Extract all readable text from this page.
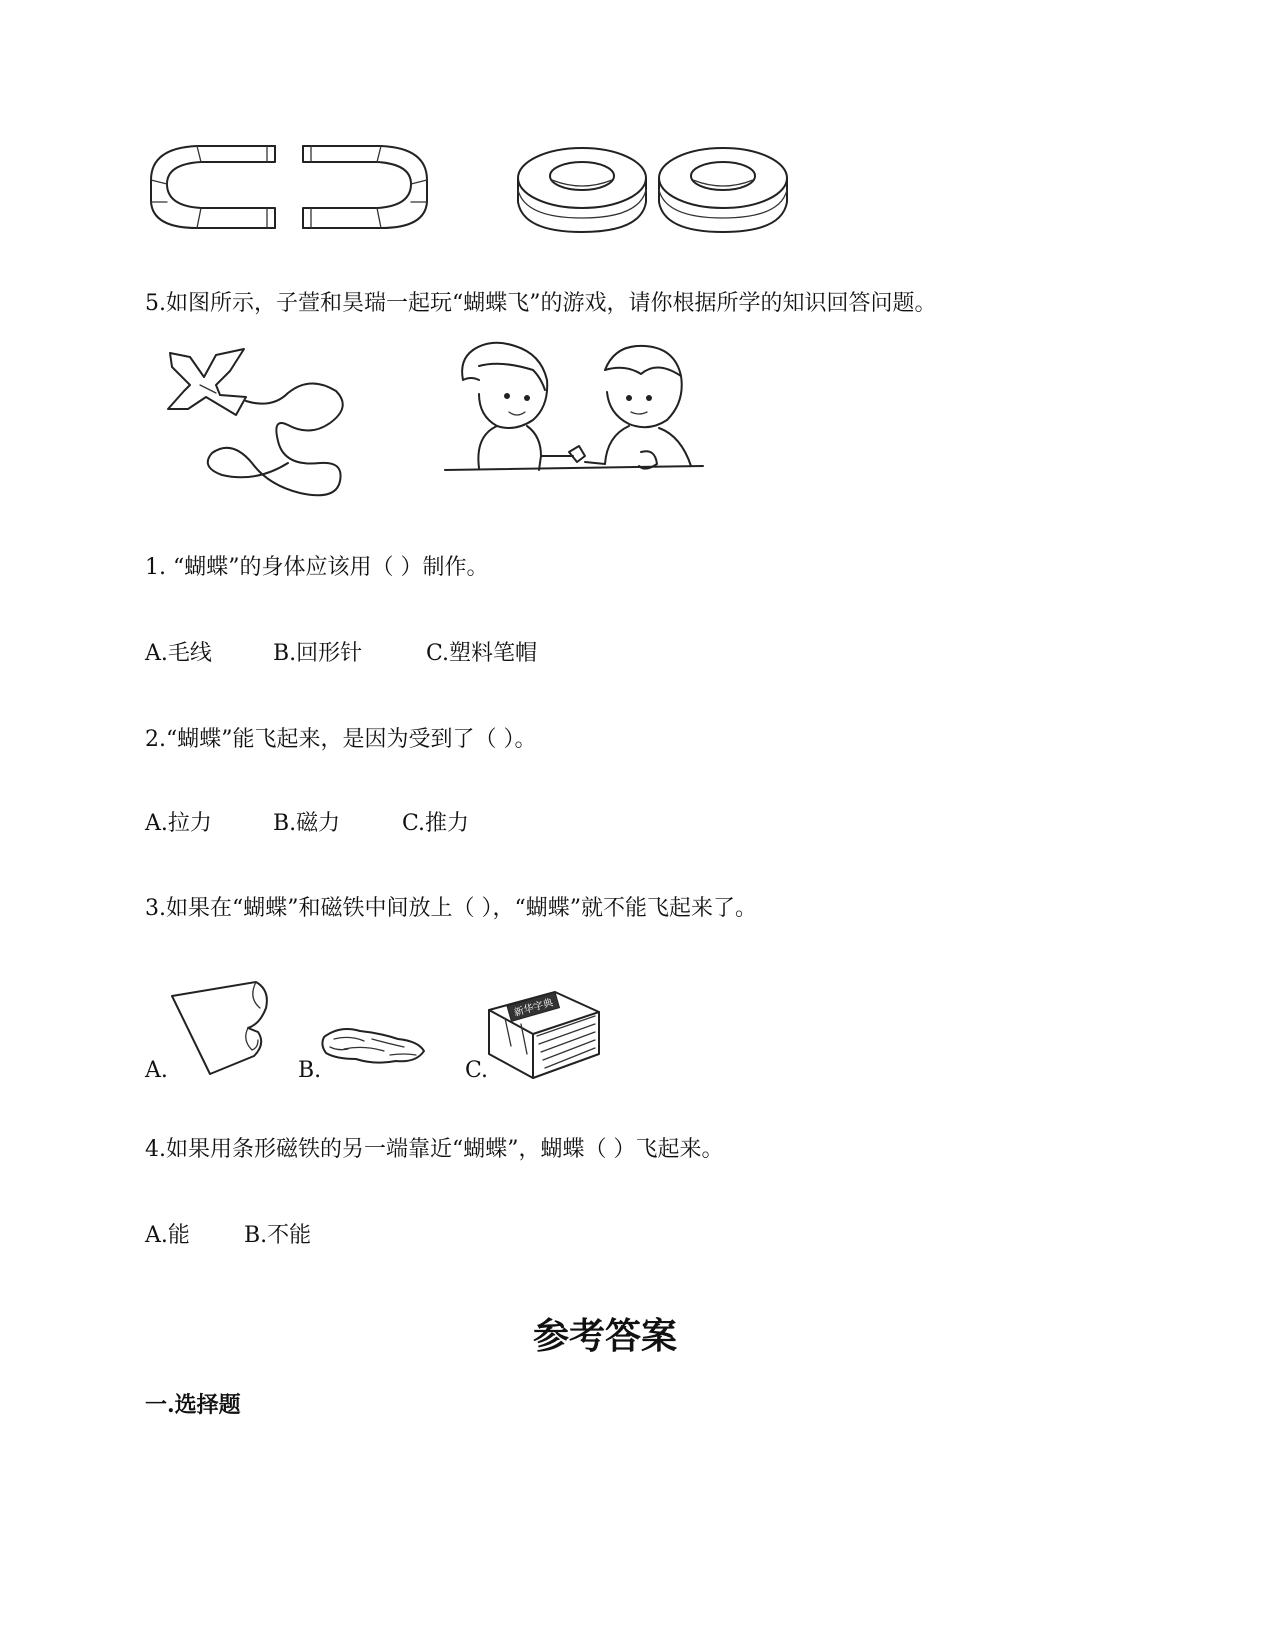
5.如图所示，子萱和昊瑞一起玩“蝴蝶飞”的游戏，请你根据所学的知识回答问题。
1. “蝴蝶”的身体应该用（ ）制作。
A.毛线	B.回形针	C.塑料笔帽
2.“蝴蝶”能飞起来，是因为受到了（ ）。
A.拉力	B.磁力	C.推力
3.如果在“蝴蝶”和磁铁中间放上（ ），“蝴蝶”就不能飞起来了。
A.	B.	C.
新华字典
4.如果用条形磁铁的另一端靠近“蝴蝶”，蝴蝶（ ）飞起来。
A.能 B.不能
参考答案
一.选择题
